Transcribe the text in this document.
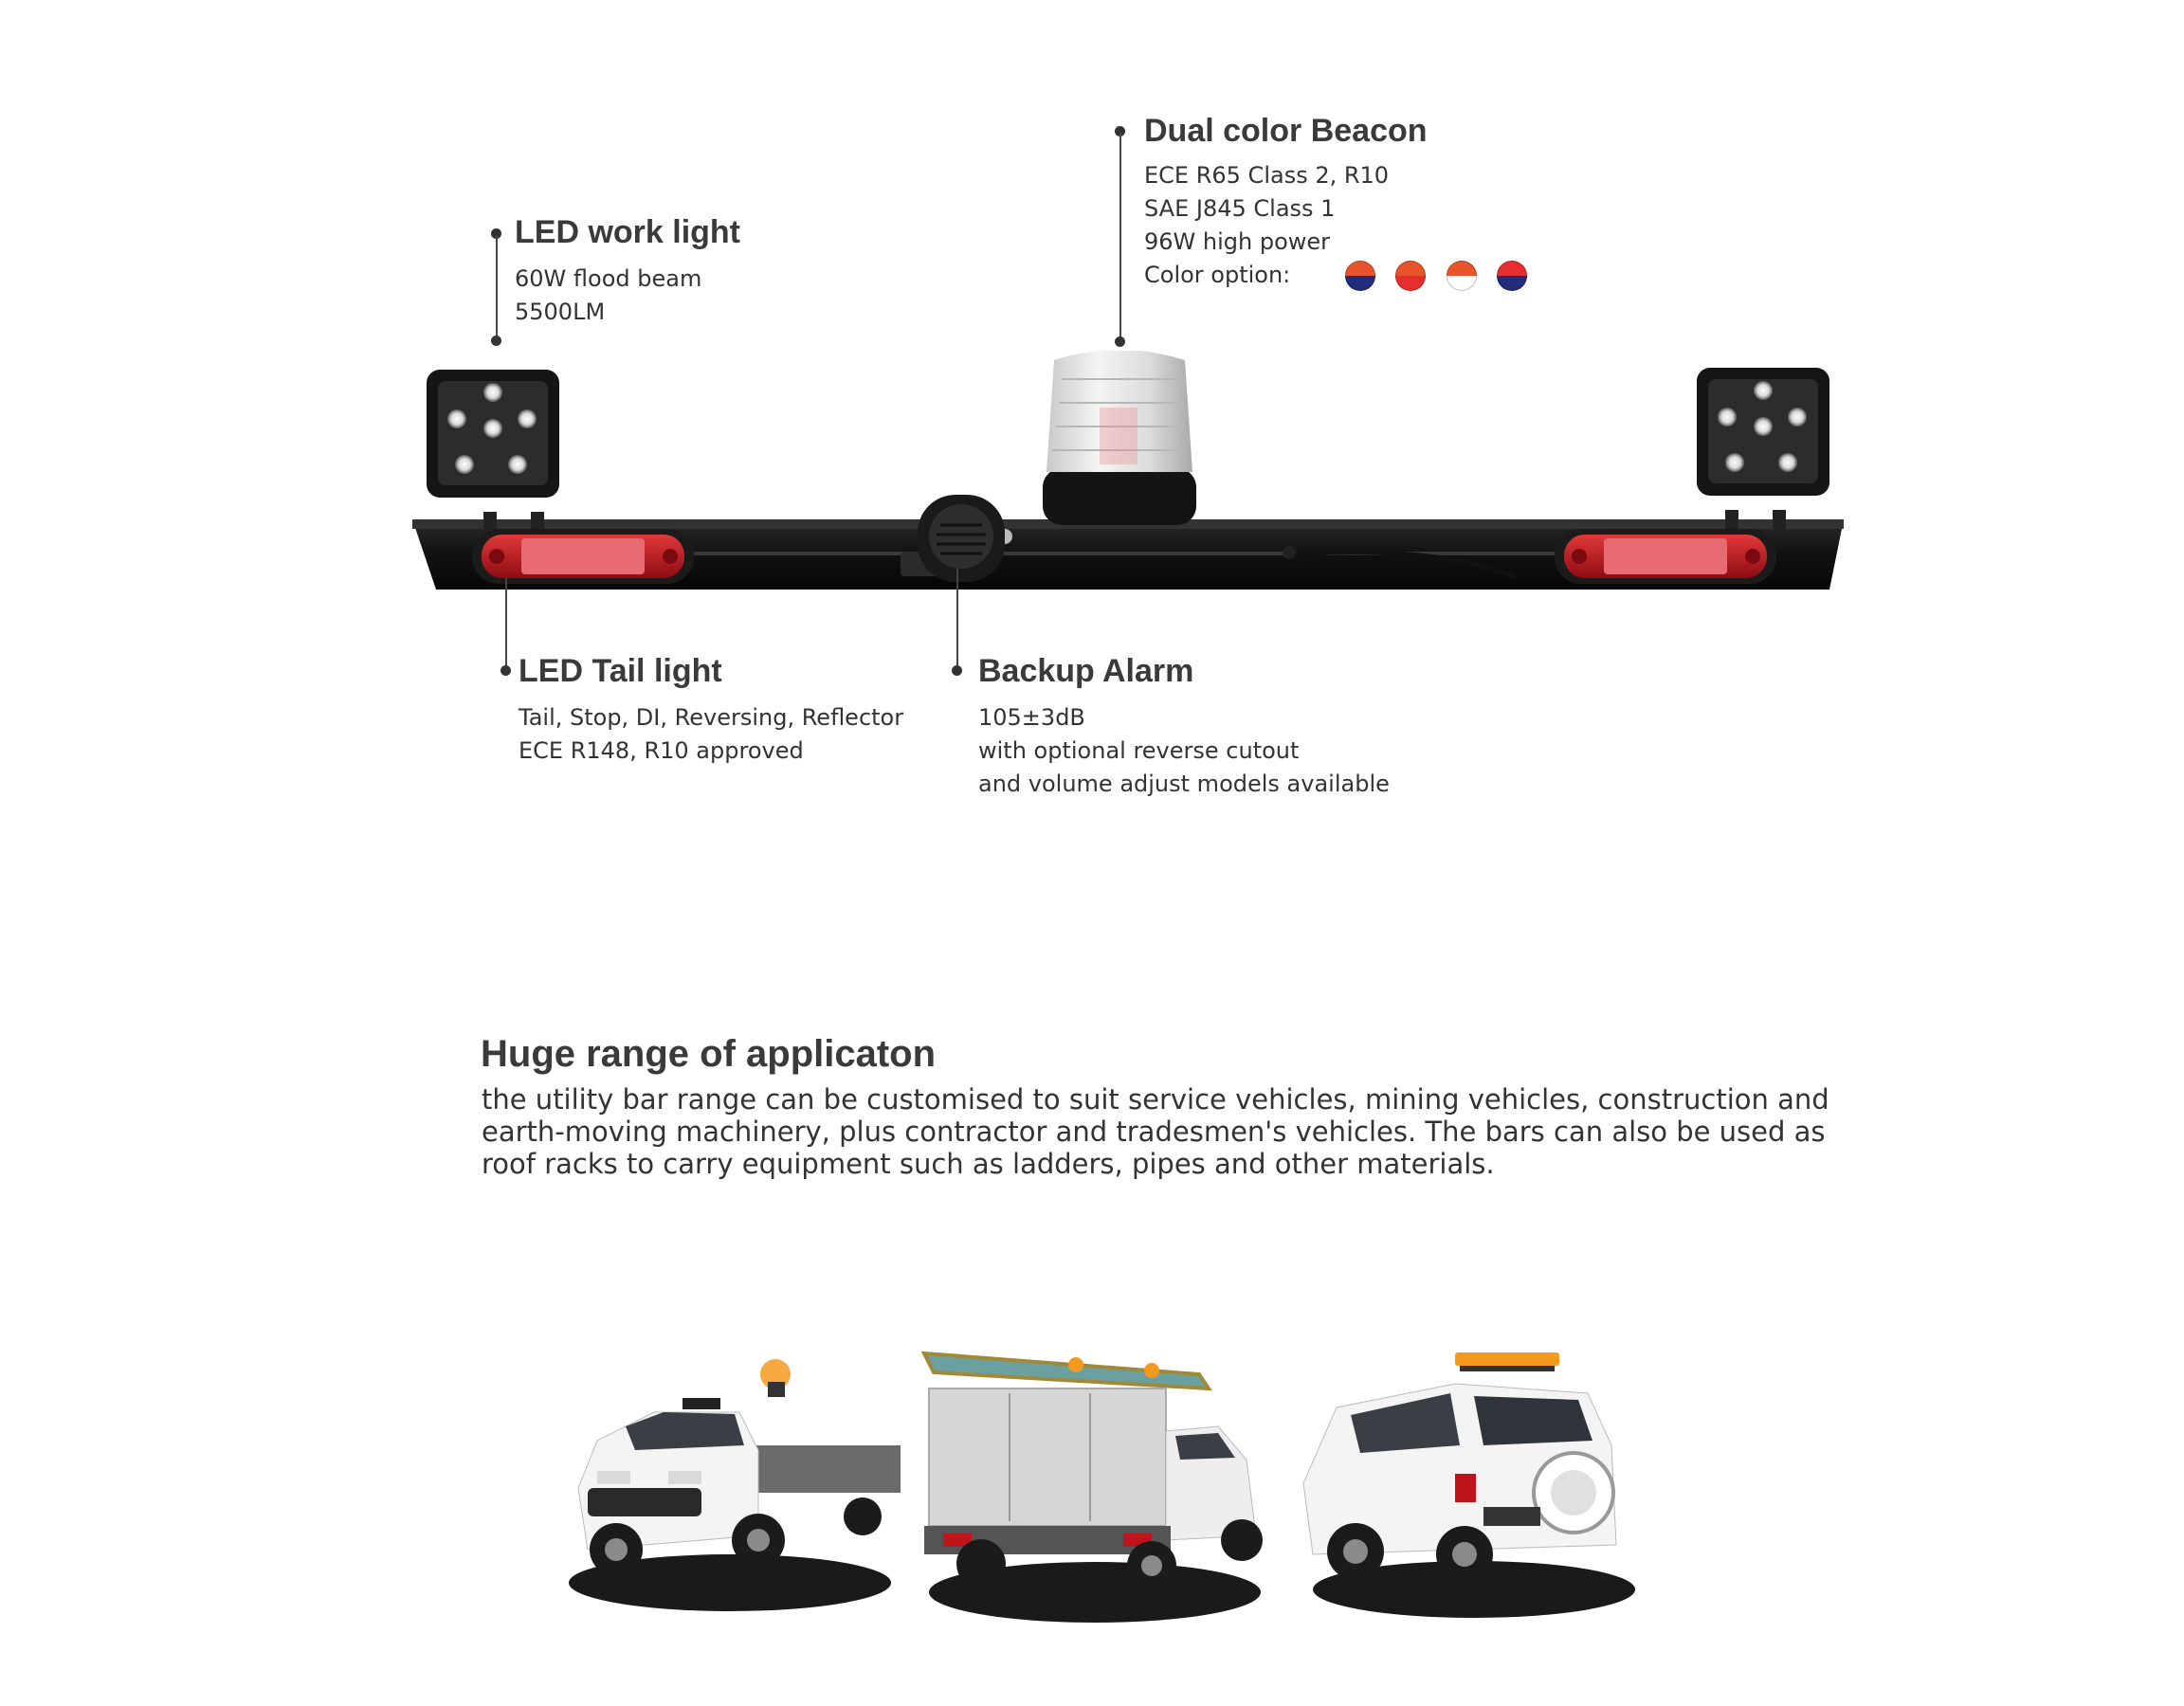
LED work light
60W flood beam
5500LM
Dual color Beacon
ECE R65 Class 2, R10
SAE J845 Class 1
96W high power
Color option:
LED Tail light
Tail, Stop, DI, Reversing, Reflector
ECE R148, R10 approved
Backup Alarm
105±3dB
with optional reverse cutout
and volume adjust models available
Huge range of applicaton
the utility bar range can be customised to suit service vehicles, mining vehicles, construction and earth-moving machinery, plus contractor and tradesmen's vehicles. The bars can also be used as roof racks to carry equipment such as ladders, pipes and other materials.
